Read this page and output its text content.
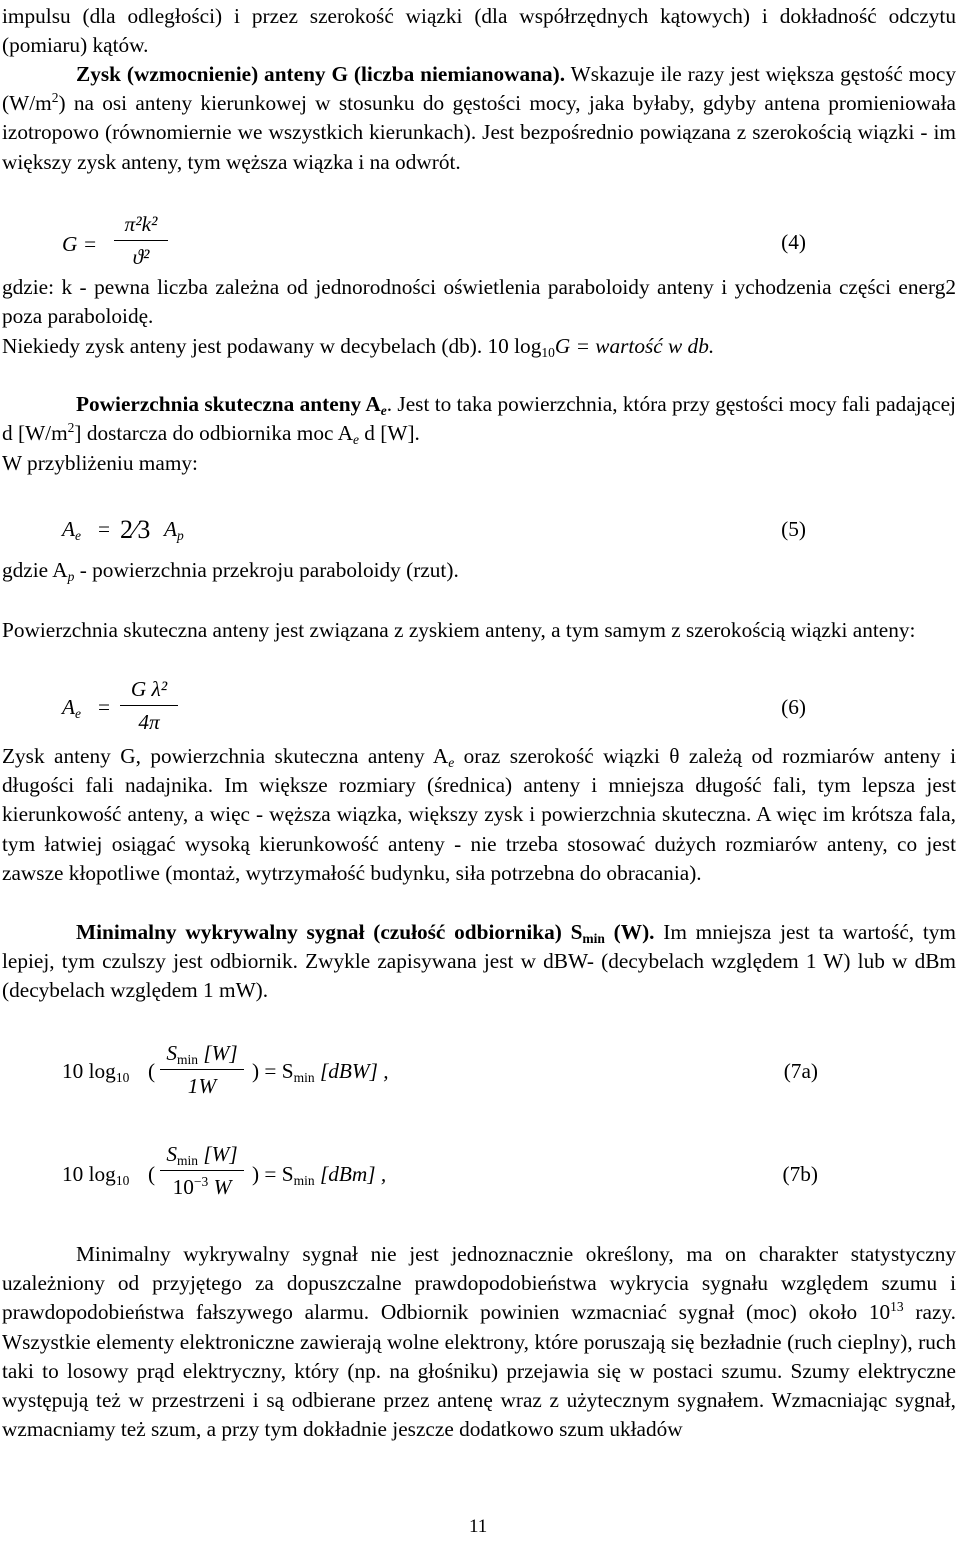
impulsu (dla odległości) i przez szerokość wiązki (dla współrzędnych kątowych) i dokładność odczytu (pomiaru) kątów.

Zysk (wzmocnienie) anteny G (liczba niemianowana). Wskazuje ile razy jest większa gęstość mocy $(W/m^2)$ na osi anteny kierunkowej w stosunku do gęstości mocy, jaka byłaby, gdyby antena promieniowała izotropowo (równomiernie we wszystkich kierunkach). Jest bezpośrednio powiązana z szerokością wiązki - im większy zysk anteny, tym węższa wiązka i na odwrót.

G =
π²k²
ϑ²
(4)

gdzie: k - pewna liczba zależna od jednorodności oświetlenia paraboloidy anteny i ychodzenia części energ2 poza paraboloidę.

Niekiedy zysk anteny jest podawany w decybelach (db). 10 $\log_{10}G$ = wartość w db.

Powierzchnia skuteczna anteny $A_e$. Jest to taka powierzchnia, która przy gęstości mocy fali padającej d $[W/m^2]$ dostarcza do odbiornika moc $A_e$ d [W].

W przybliżeniu mamy:

$A_e$ = 2⁄3 $A_p$	(5)

gdzie $A_p$ - powierzchnia przekroju paraboloidy (rzut).

Powierzchnia skuteczna anteny jest związana z zyskiem anteny, a tym samym z szerokością wiązki anteny:

$A_e$ =
G λ²
4π
(6)

Zysk anteny G, powierzchnia skuteczna anteny $A_e$ oraz szerokość wiązki θ zależą od rozmiarów anteny i długości fali nadajnika. Im większe rozmiary (średnica) anteny i mniejsza długość fali, tym lepsza jest kierunkowość anteny, a więc - węższa wiązka, większy zysk i powierzchnia skuteczna. A więc im krótsza fala, tym łatwiej osiągać wysoką kierunkowość anteny - nie trzeba stosować dużych rozmiarów anteny, co jest zawsze kłopotliwe (montaż, wytrzymałość budynku, siła potrzebna do obracania).

Minimalny wykrywalny sygnał (czułość odbiornika) $S_{min}$ (W). Im mniejsza jest ta wartość, tym lepiej, tym czulszy jest odbiornik. Zwykle zapisywana jest w dBW- (decybelach względem 1 W) lub w dBm (decybelach względem 1 mW).

10 $\log_{10}$ (
$S_{min}$ [W]
1W
) = $S_{min}$ [dBW] ,	(7a)
10 $\log_{10}$ (
$S_{min}$ [W]
$10^{-3}$ W
) = $S_{min}$ [dBm] ,	(7b)

Minimalny wykrywalny sygnał nie jest jednoznacznie określony, ma on charakter statystyczny uzależniony od przyjętego za dopuszczalne prawdopodobieństwa wykrycia sygnału względem szumu i prawdopodobieństwa fałszywego alarmu. Odbiornik powinien wzmacniać sygnał (moc) około $10^{13}$ razy. Wszystkie elementy elektroniczne zawierają wolne elektrony, które poruszają się bezładnie (ruch cieplny), ruch taki to losowy prąd elektryczny, który (np. na głośniku) przejawia się w postaci szumu. Szumy elektryczne występują też w przestrzeni i są odbierane przez antenę wraz z użytecznym sygnałem. Wzmacniając sygnał, wzmacniamy też szum, a przy tym dokładnie jeszcze dodatkowo szum układów

11
